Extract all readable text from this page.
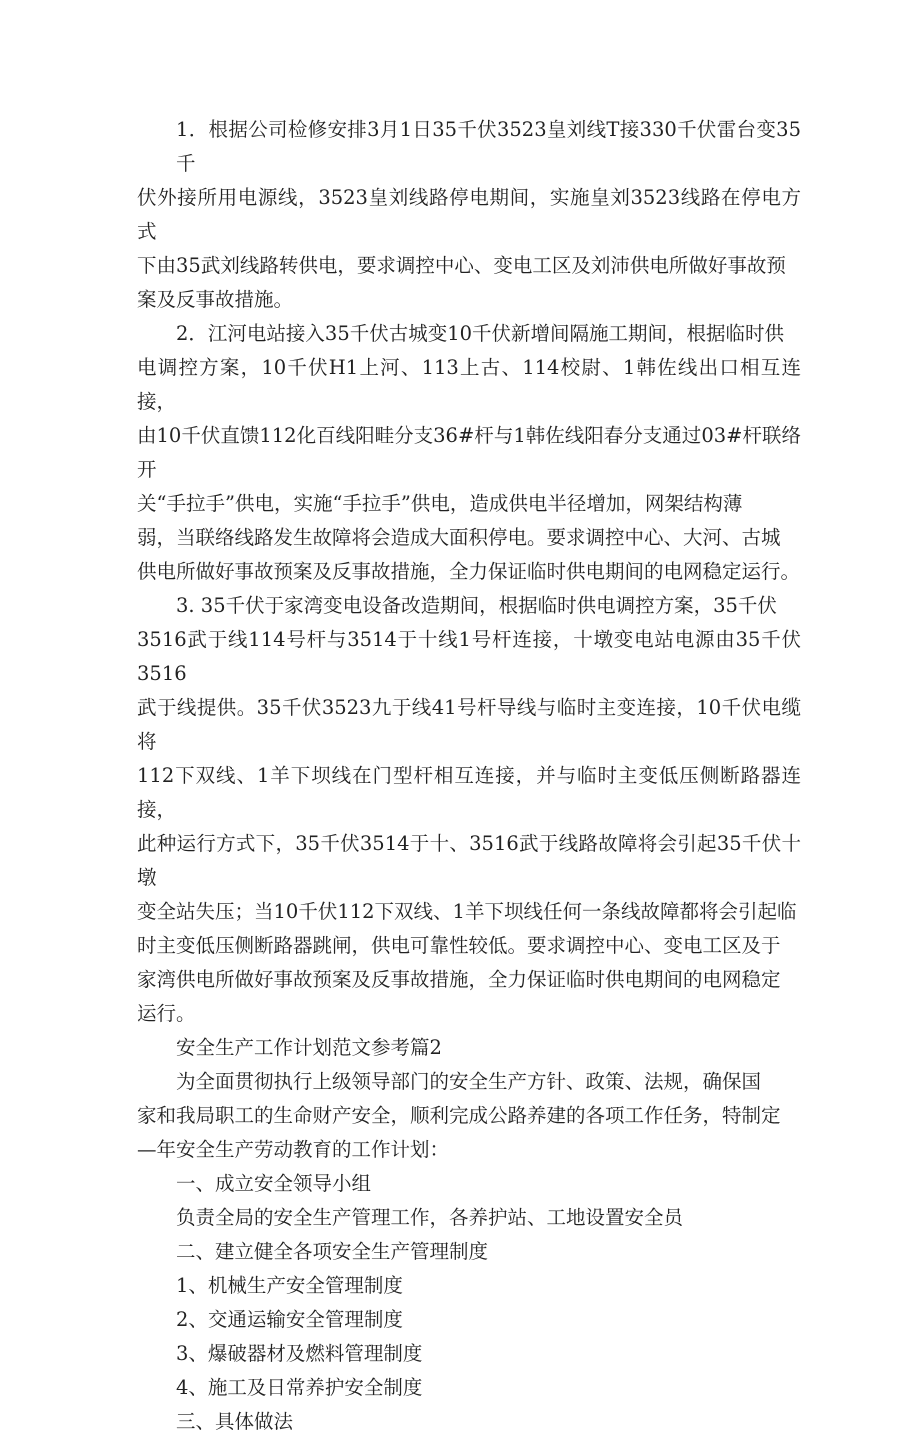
1．根据公司检修安排3月1日35千伏3523皇刘线T接330千伏雷台变35千
伏外接所用电源线，3523皇刘线路停电期间，实施皇刘3523线路在停电方式
下由35武刘线路转供电，要求调控中心、变电工区及刘沛供电所做好事故预
案及反事故措施。
2．江河电站接入35千伏古城变10千伏新增间隔施工期间，根据临时供
电调控方案，10千伏H1上河、113上古、114校尉、1韩佐线出口相互连接，
由10千伏直馈112化百线阳畦分支36#杆与1韩佐线阳春分支通过03#杆联络开
关“手拉手”供电，实施“手拉手”供电，造成供电半径增加，网架结构薄
弱，当联络线路发生故障将会造成大面积停电。要求调控中心、大河、古城
供电所做好事故预案及反事故措施，全力保证临时供电期间的电网稳定运行。
3. 35千伏于家湾变电设备改造期间，根据临时供电调控方案，35千伏
3516武于线114号杆与3514于十线1号杆连接，十墩变电站电源由35千伏3516
武于线提供。35千伏3523九于线41号杆导线与临时主变连接，10千伏电缆将
112下双线、1羊下坝线在门型杆相互连接，并与临时主变低压侧断路器连接，
此种运行方式下，35千伏3514于十、3516武于线路故障将会引起35千伏十墩
变全站失压；当10千伏112下双线、1羊下坝线任何一条线故障都将会引起临
时主变低压侧断路器跳闸，供电可靠性较低。要求调控中心、变电工区及于
家湾供电所做好事故预案及反事故措施，全力保证临时供电期间的电网稳定
运行。
安全生产工作计划范文参考篇2
为全面贯彻执行上级领导部门的安全生产方针、政策、法规，确保国
家和我局职工的生命财产安全，顺利完成公路养建的各项工作任务，特制定
—年安全生产劳动教育的工作计划：
一、成立安全领导小组
负责全局的安全生产管理工作，各养护站、工地设置安全员
二、建立健全各项安全生产管理制度
1、机械生产安全管理制度
2、交通运输安全管理制度
3、爆破器材及燃料管理制度
4、施工及日常养护安全制度
三、具体做法
